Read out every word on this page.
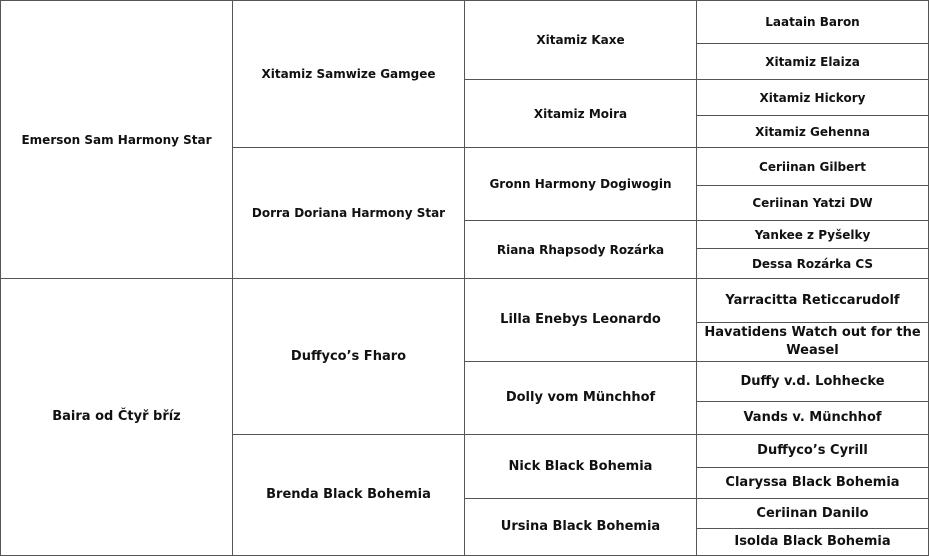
Emerson Sam Harmony Star
Baira od Čtyř bříz
Xitamiz Samwize Gamgee
Dorra Doriana Harmony Star
Duffyco’s Fharo
Brenda Black Bohemia
Xitamiz Kaxe
Xitamiz Moira
Gronn Harmony Dogiwogin
Riana Rhapsody Rozárka
Lilla Enebys Leonardo
Dolly vom Münchhof
Nick Black Bohemia
Ursina Black Bohemia
Laatain Baron
Xitamiz Elaiza
Xitamiz Hickory
Xitamiz Gehenna
Ceriinan Gilbert
Ceriinan Yatzi DW
Yankee z Pyšelky
Dessa Rozárka CS
Yarracitta Reticcarudolf
Havatidens Watch out for the Weasel
Duffy v.d. Lohhecke
Vands v. Münchhof
Duffyco’s Cyrill
Claryssa Black Bohemia
Ceriinan Danilo
Isolda Black Bohemia
